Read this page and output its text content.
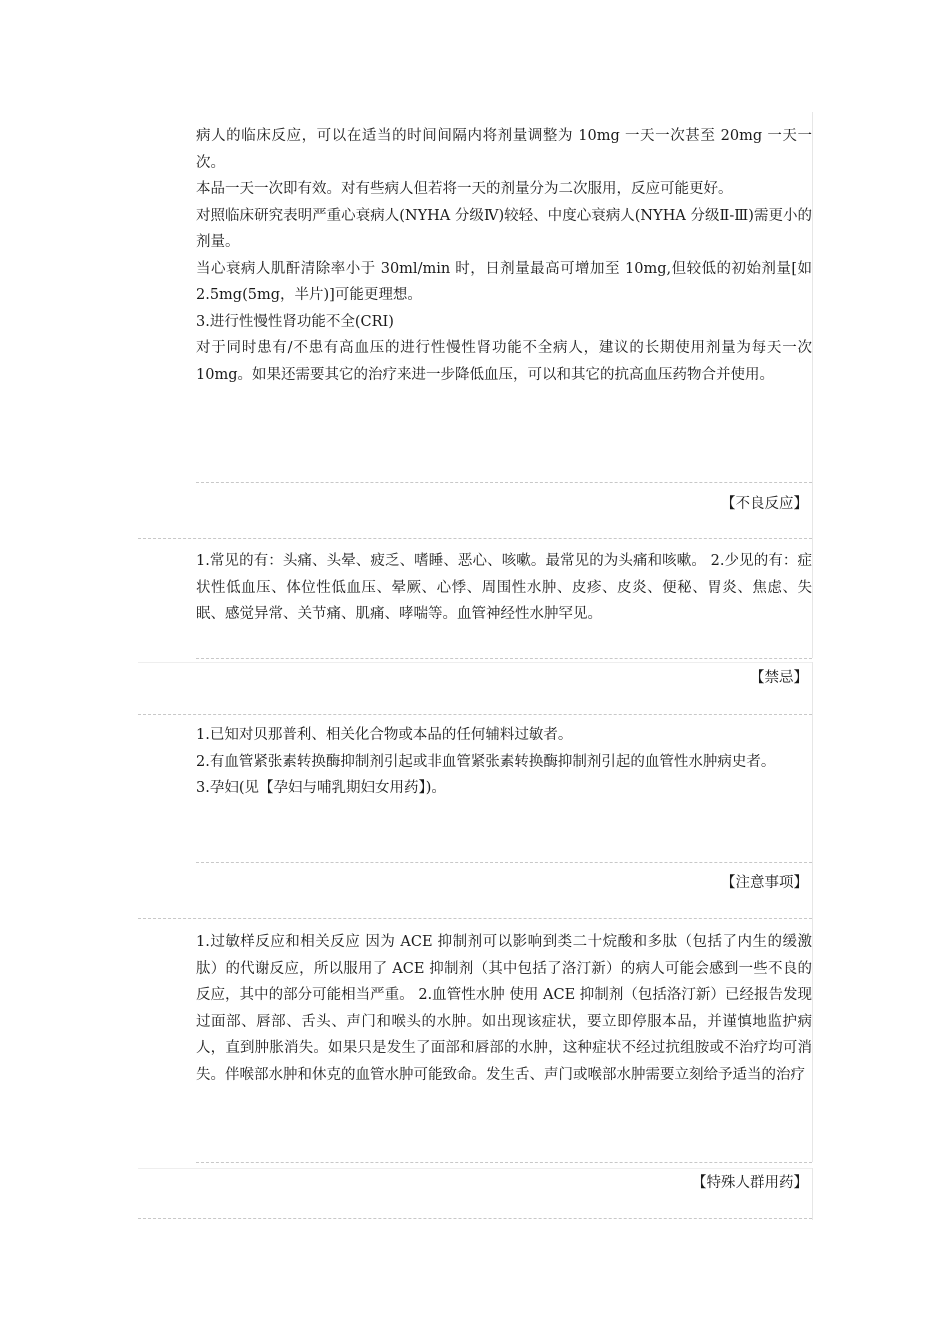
病人的临床反应，可以在适当的时间间隔内将剂量调整为 10mg 一天一次甚至 20mg 一天一次。

本品一天一次即有效。对有些病人但若将一天的剂量分为二次服用，反应可能更好。

对照临床研究表明严重心衰病人(NYHA 分级Ⅳ)较轻、中度心衰病人(NYHA 分级Ⅱ-Ⅲ)需更小的剂量。

当心衰病人肌酐清除率小于 30ml/min 时，日剂量最高可增加至 10mg,但较低的初始剂量[如 2.5mg(5mg，半片)]可能更理想。

3.进行性慢性肾功能不全(CRI)

对于同时患有/不患有高血压的进行性慢性肾功能不全病人，建议的长期使用剂量为每天一次 10mg。如果还需要其它的治疗来进一步降低血压，可以和其它的抗高血压药物合并使用。

【不良反应】

1.常见的有：头痛、头晕、疲乏、嗜睡、恶心、咳嗽。最常见的为头痛和咳嗽。 2.少见的有：症状性低血压、体位性低血压、晕厥、心悸、周围性水肿、皮疹、皮炎、便秘、胃炎、焦虑、失眠、感觉异常、关节痛、肌痛、哮喘等。血管神经性水肿罕见。

【禁忌】

1.已知对贝那普利、相关化合物或本品的任何辅料过敏者。

2.有血管紧张素转换酶抑制剂引起或非血管紧张素转换酶抑制剂引起的血管性水肿病史者。

3.孕妇(见【孕妇与哺乳期妇女用药】)。

【注意事项】

1.过敏样反应和相关反应 因为 ACE 抑制剂可以影响到类二十烷酸和多肽（包括了内生的缓激肽）的代谢反应，所以服用了 ACE 抑制剂（其中包括了洛汀新）的病人可能会感到一些不良的反应，其中的部分可能相当严重。 2.血管性水肿 使用 ACE 抑制剂（包括洛汀新）已经报告发现过面部、唇部、舌头、声门和喉头的水肿。如出现该症状，要立即停服本品，并谨慎地监护病人，直到肿胀消失。如果只是发生了面部和唇部的水肿，这种症状不经过抗组胺或不治疗均可消失。伴喉部水肿和休克的血管水肿可能致命。发生舌、声门或喉部水肿需要立刻给予适当的治疗

【特殊人群用药】
